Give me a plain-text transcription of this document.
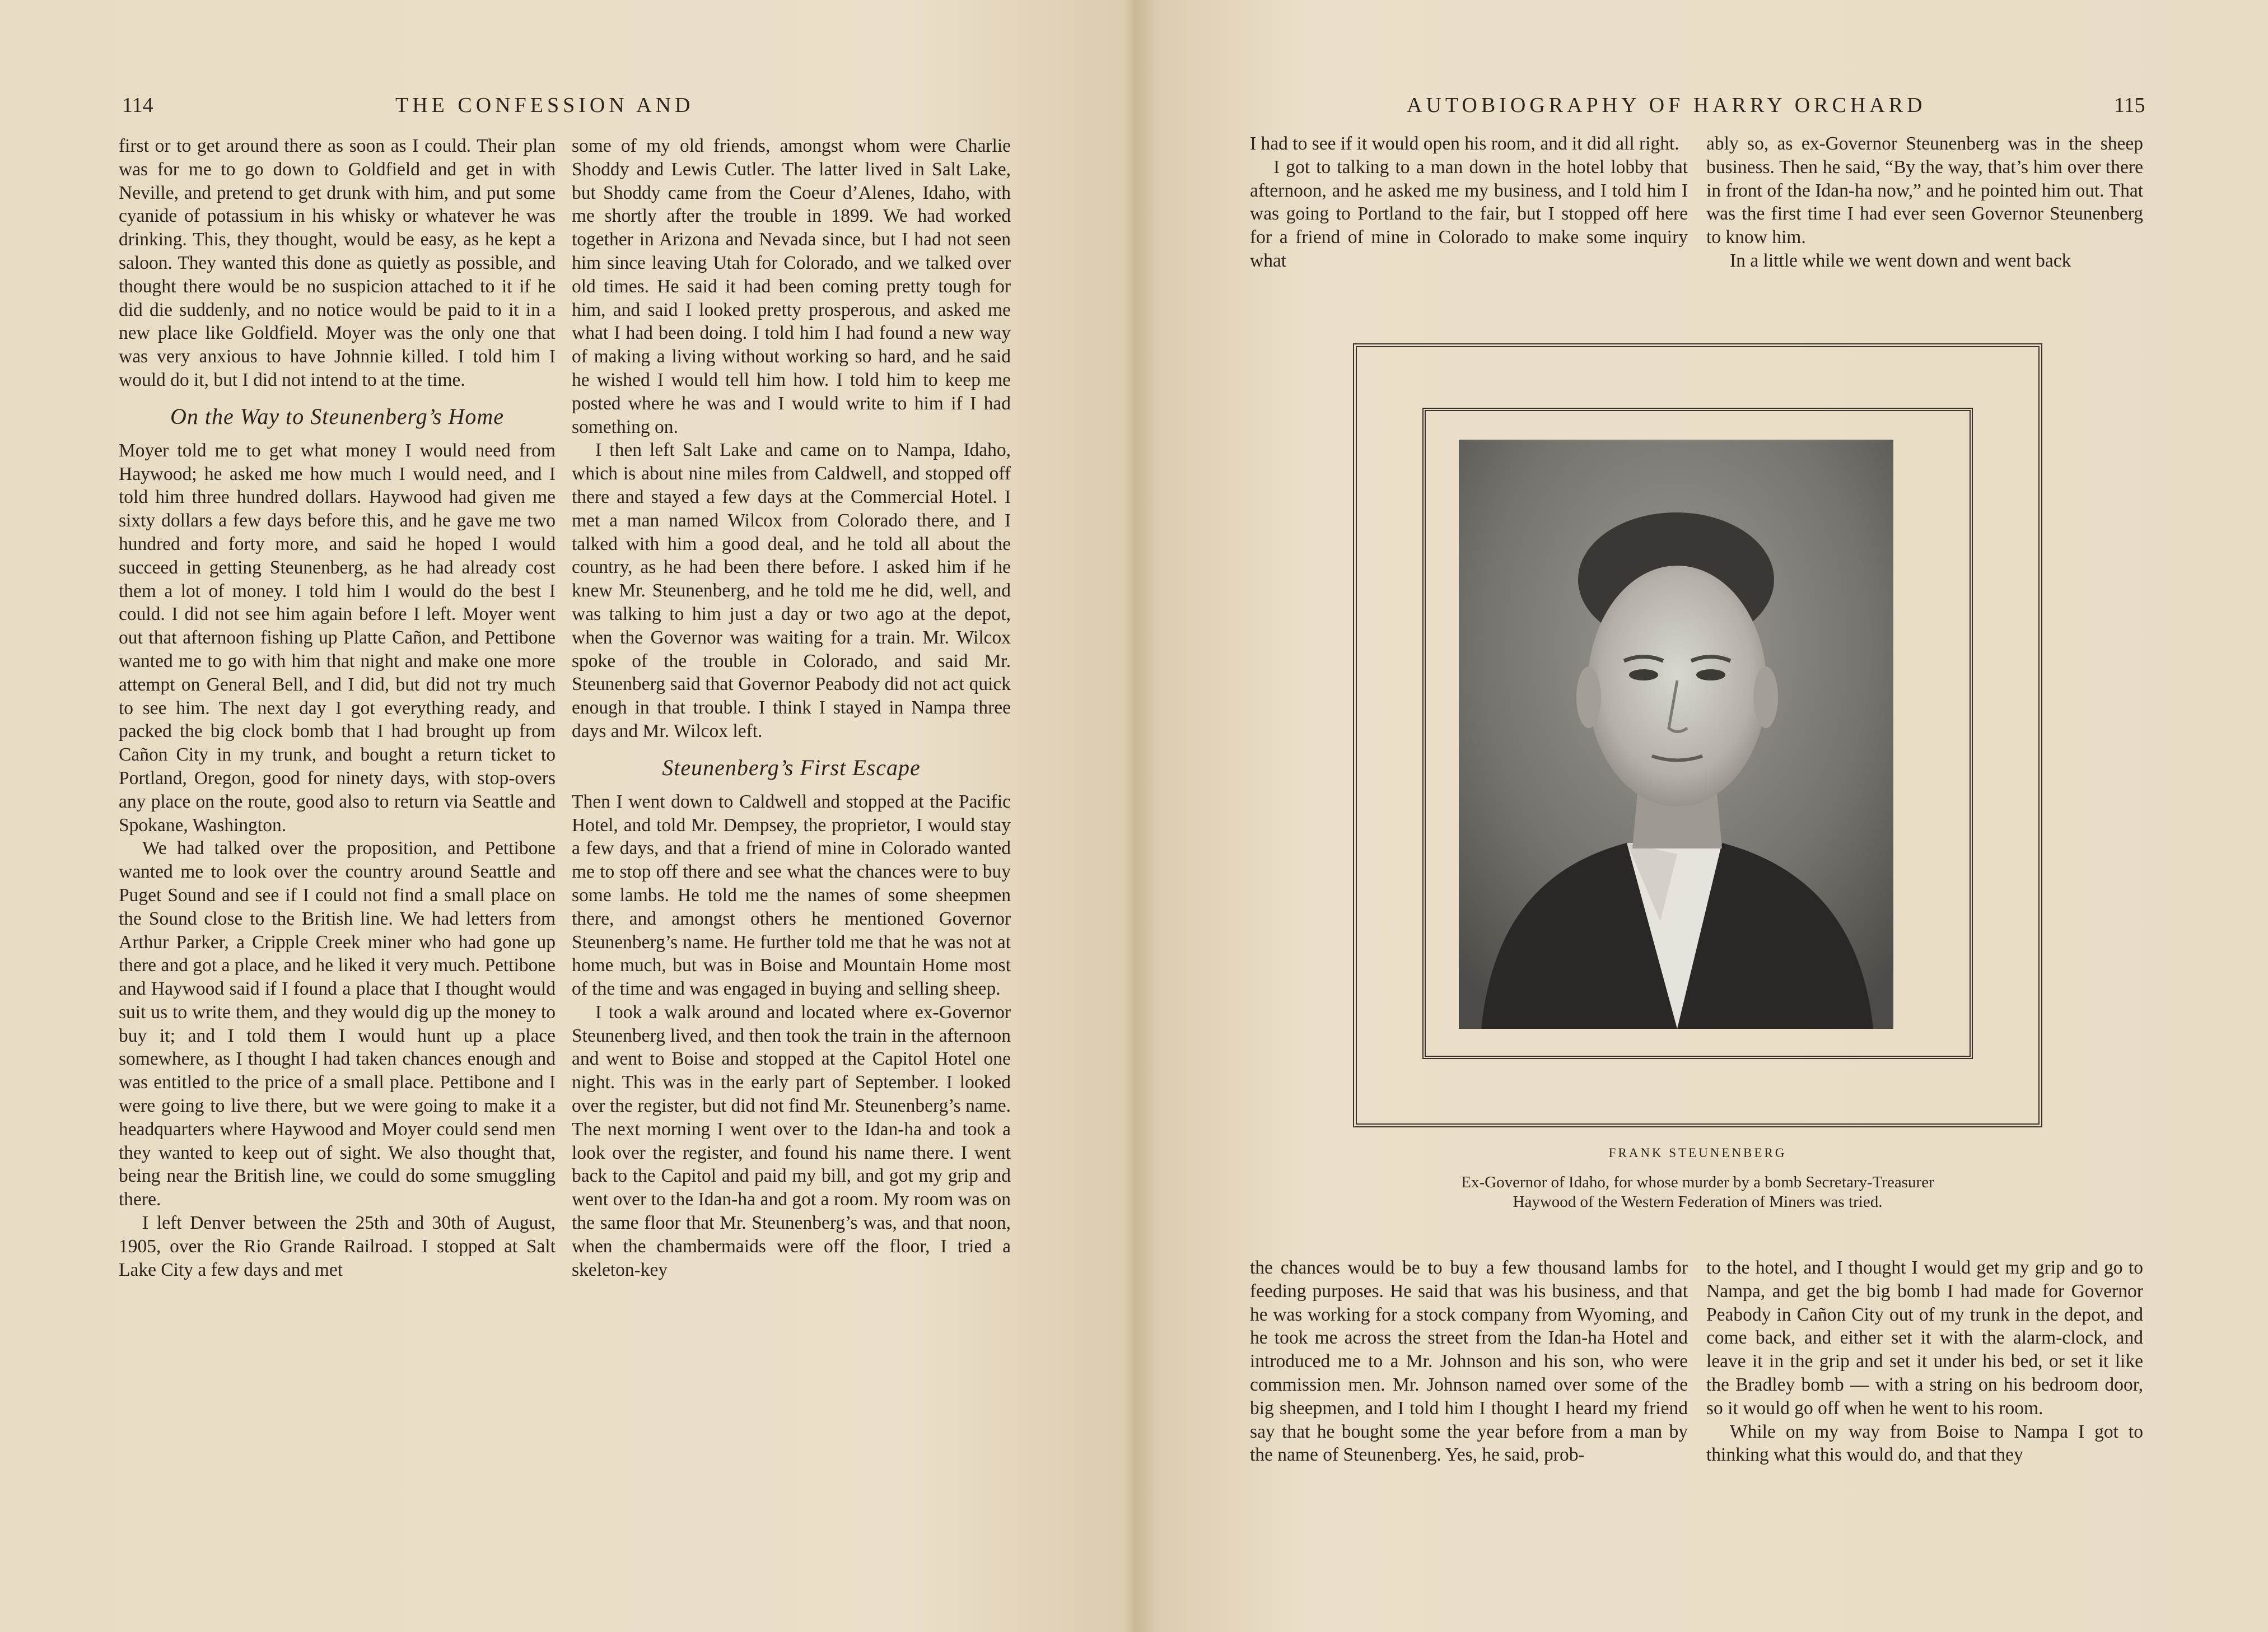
114	THE CONFESSION AND

first or to get around there as soon as I could. Their plan was for me to go down to Goldfield and get in with Neville, and pretend to get drunk with him, and put some cyanide of potassium in his whisky or whatever he was drinking. This, they thought, would be easy, as he kept a saloon. They wanted this done as quietly as possible, and thought there would be no suspicion attached to it if he did die suddenly, and no notice would be paid to it in a new place like Goldfield. Moyer was the only one that was very anxious to have Johnnie killed. I told him I would do it, but I did not intend to at the time.

On the Way to Steunenberg’s Home

Moyer told me to get what money I would need from Haywood; he asked me how much I would need, and I told him three hundred dollars. Haywood had given me sixty dollars a few days before this, and he gave me two hundred and forty more, and said he hoped I would succeed in getting Steunenberg, as he had already cost them a lot of money. I told him I would do the best I could. I did not see him again before I left. Moyer went out that afternoon fishing up Platte Cañon, and Pettibone wanted me to go with him that night and make one more attempt on General Bell, and I did, but did not try much to see him. The next day I got everything ready, and packed the big clock bomb that I had brought up from Cañon City in my trunk, and bought a return ticket to Portland, Oregon, good for ninety days, with stop-overs any place on the route, good also to return via Seattle and Spokane, Washington.

We had talked over the proposition, and Pettibone wanted me to look over the country around Seattle and Puget Sound and see if I could not find a small place on the Sound close to the British line. We had letters from Arthur Parker, a Cripple Creek miner who had gone up there and got a place, and he liked it very much. Pettibone and Haywood said if I found a place that I thought would suit us to write them, and they would dig up the money to buy it; and I told them I would hunt up a place somewhere, as I thought I had taken chances enough and was entitled to the price of a small place. Pettibone and I were going to live there, but we were going to make it a headquarters where Haywood and Moyer could send men they wanted to keep out of sight. We also thought that, being near the British line, we could do some smuggling there.

I left Denver between the 25th and 30th of August, 1905, over the Rio Grande Railroad. I stopped at Salt Lake City a few days and met

some of my old friends, amongst whom were Charlie Shoddy and Lewis Cutler. The latter lived in Salt Lake, but Shoddy came from the Coeur d’Alenes, Idaho, with me shortly after the trouble in 1899. We had worked together in Arizona and Nevada since, but I had not seen him since leaving Utah for Colorado, and we talked over old times. He said it had been coming pretty tough for him, and said I looked pretty prosperous, and asked me what I had been doing. I told him I had found a new way of making a living without working so hard, and he said he wished I would tell him how. I told him to keep me posted where he was and I would write to him if I had something on.

I then left Salt Lake and came on to Nampa, Idaho, which is about nine miles from Caldwell, and stopped off there and stayed a few days at the Commercial Hotel. I met a man named Wilcox from Colorado there, and I talked with him a good deal, and he told all about the country, as he had been there before. I asked him if he knew Mr. Steunenberg, and he told me he did, well, and was talking to him just a day or two ago at the depot, when the Governor was waiting for a train. Mr. Wilcox spoke of the trouble in Colorado, and said Mr. Steunenberg said that Governor Peabody did not act quick enough in that trouble. I think I stayed in Nampa three days and Mr. Wilcox left.

Steunenberg’s First Escape

Then I went down to Caldwell and stopped at the Pacific Hotel, and told Mr. Dempsey, the proprietor, I would stay a few days, and that a friend of mine in Colorado wanted me to stop off there and see what the chances were to buy some lambs. He told me the names of some sheepmen there, and amongst others he mentioned Governor Steunenberg’s name. He further told me that he was not at home much, but was in Boise and Mountain Home most of the time and was engaged in buying and selling sheep.

I took a walk around and located where ex-Governor Steunenberg lived, and then took the train in the afternoon and went to Boise and stopped at the Capitol Hotel one night. This was in the early part of September. I looked over the register, but did not find Mr. Steunenberg’s name. The next morning I went over to the Idan-ha and took a look over the register, and found his name there. I went back to the Capitol and paid my bill, and got my grip and went over to the Idan-ha and got a room. My room was on the same floor that Mr. Steunenberg’s was, and that noon, when the chambermaids were off the floor, I tried a skeleton-key

AUTOBIOGRAPHY OF HARRY ORCHARD	115

I had to see if it would open his room, and it did all right.

I got to talking to a man down in the hotel lobby that afternoon, and he asked me my business, and I told him I was going to Portland to the fair, but I stopped off here for a friend of mine in Colorado to make some inquiry what

ably so, as ex-Governor Steunenberg was in the sheep business. Then he said, “By the way, that’s him over there in front of the Idan-ha now,” and he pointed him out. That was the first time I had ever seen Governor Steunenberg to know him.

In a little while we went down and went back

FRANK STEUNENBERG
Ex-Governor of Idaho, for whose murder by a bomb Secretary-Treasurer
Haywood of the Western Federation of Miners was tried.

the chances would be to buy a few thousand lambs for feeding purposes. He said that was his business, and that he was working for a stock company from Wyoming, and he took me across the street from the Idan-ha Hotel and introduced me to a Mr. Johnson and his son, who were commission men. Mr. Johnson named over some of the big sheepmen, and I told him I thought I heard my friend say that he bought some the year before from a man by the name of Steunenberg. Yes, he said, prob-

to the hotel, and I thought I would get my grip and go to Nampa, and get the big bomb I had made for Governor Peabody in Cañon City out of my trunk in the depot, and come back, and either set it with the alarm-clock, and leave it in the grip and set it under his bed, or set it like the Bradley bomb — with a string on his bedroom door, so it would go off when he went to his room.

While on my way from Boise to Nampa I got to thinking what this would do, and that they
